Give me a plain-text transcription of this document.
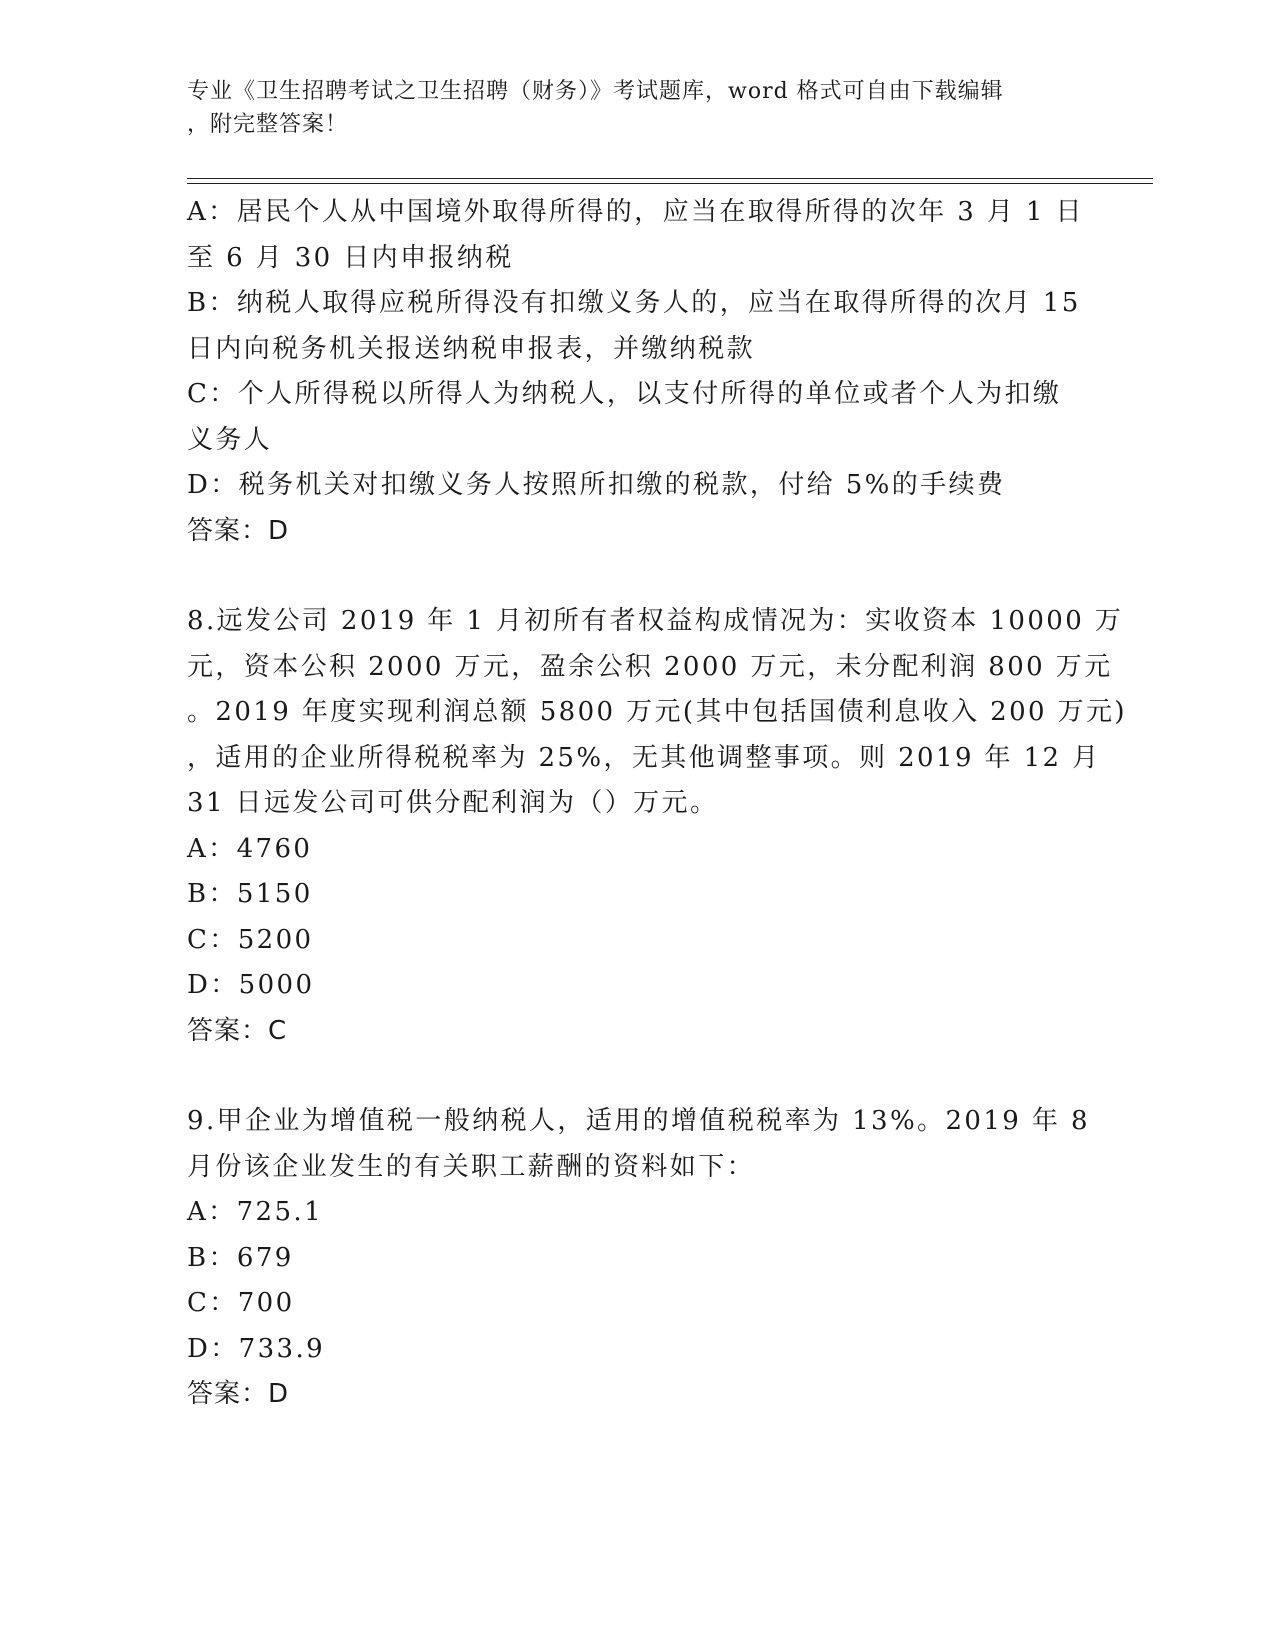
专业《卫生招聘考试之卫生招聘（财务）》考试题库，word 格式可自由下载编辑
，附完整答案！
A：居民个人从中国境外取得所得的，应当在取得所得的次年 3 月 1 日
至 6 月 30 日内申报纳税
B：纳税人取得应税所得没有扣缴义务人的，应当在取得所得的次月 15
日内向税务机关报送纳税申报表，并缴纳税款
C：个人所得税以所得人为纳税人，以支付所得的单位或者个人为扣缴
义务人
D：税务机关对扣缴义务人按照所扣缴的税款，付给 5%的手续费
答案：D
8.远发公司 2019 年 1 月初所有者权益构成情况为：实收资本 10000 万
元，资本公积 2000 万元，盈余公积 2000 万元，未分配利润 800 万元
。2019 年度实现利润总额 5800 万元(其中包括国债利息收入 200 万元)
，适用的企业所得税税率为 25%，无其他调整事项。则 2019 年 12 月
31 日远发公司可供分配利润为（）万元。
A：4760
B：5150
C：5200
D：5000
答案：C
9.甲企业为增值税一般纳税人，适用的增值税税率为 13%。2019 年 8
月份该企业发生的有关职工薪酬的资料如下：
A：725.1
B：679
C：700
D：733.9
答案：D
